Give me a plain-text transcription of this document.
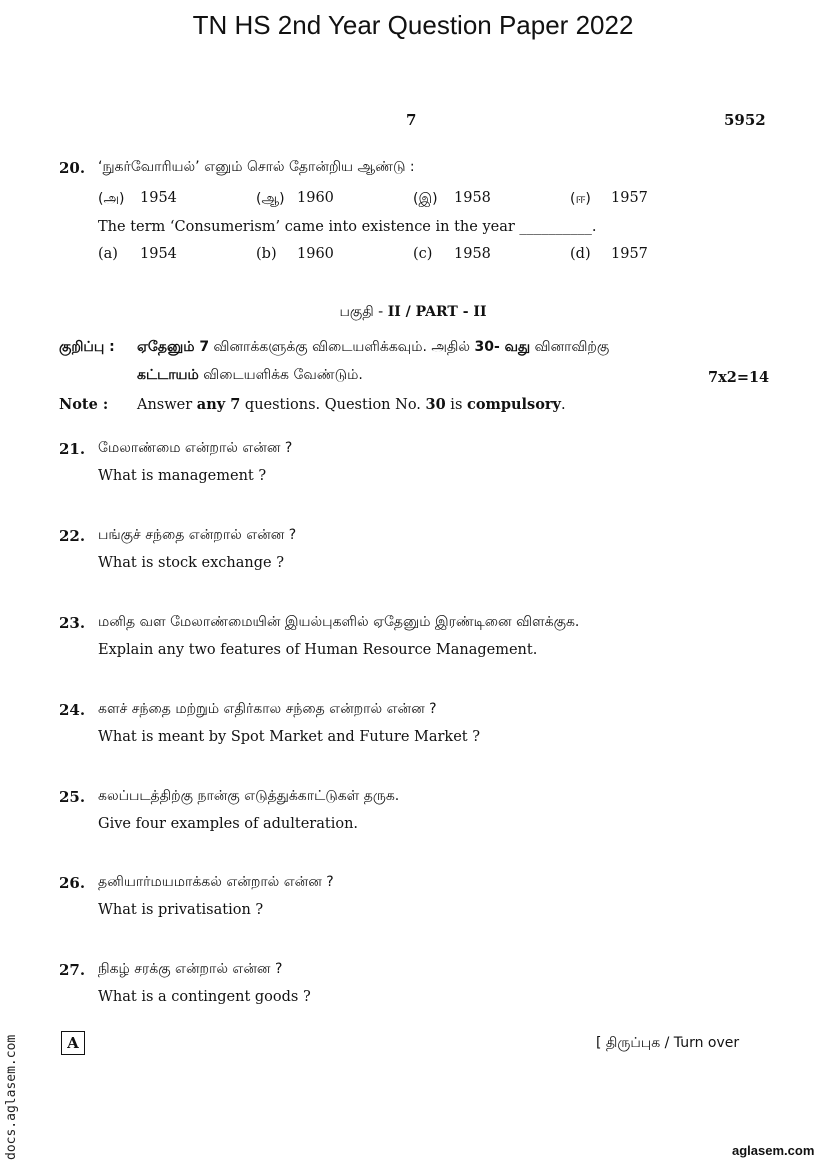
TN HS 2nd Year Question Paper 2022
7	5952
20. ‘நுகர்வோரியல்’ எனும் சொல் தோன்றிய ஆண்டு :
(அ) 1954	(ஆ) 1960	(இ) 1958	(ஈ) 1957
The term ‘Consumerism’ came into existence in the year __________.
(a) 1954	(b) 1960	(c) 1958	(d) 1957
பகுதி - II / PART - II
குறிப்பு : ஏதேனும் 7 வினாக்களுக்கு விடையளிக்கவும். அதில் 30- வது வினாவிற்கு
கட்டாயம் விடையளிக்க வேண்டும்.	7x2=14
Note : Answer any 7 questions. Question No. 30 is compulsory.
21. மேலாண்மை என்றால் என்ன ?
What is management ?
22. பங்குச் சந்தை என்றால் என்ன ?
What is stock exchange ?
23. மனித வள மேலாண்மையின் இயல்புகளில் ஏதேனும் இரண்டினை விளக்குக.
Explain any two features of Human Resource Management.
24. களச் சந்தை மற்றும் எதிர்கால சந்தை என்றால் என்ன ?
What is meant by Spot Market and Future Market ?
25. கலப்படத்திற்கு நான்கு எடுத்துக்காட்டுகள் தருக.
Give four examples of adulteration.
26. தனியார்மயமாக்கல் என்றால் என்ன ?
What is privatisation ?
27. நிகழ் சரக்கு என்றால் என்ன ?
What is a contingent goods ?
A	[ திருப்புக / Turn over
docs.aglasem.com	aglasem.com
